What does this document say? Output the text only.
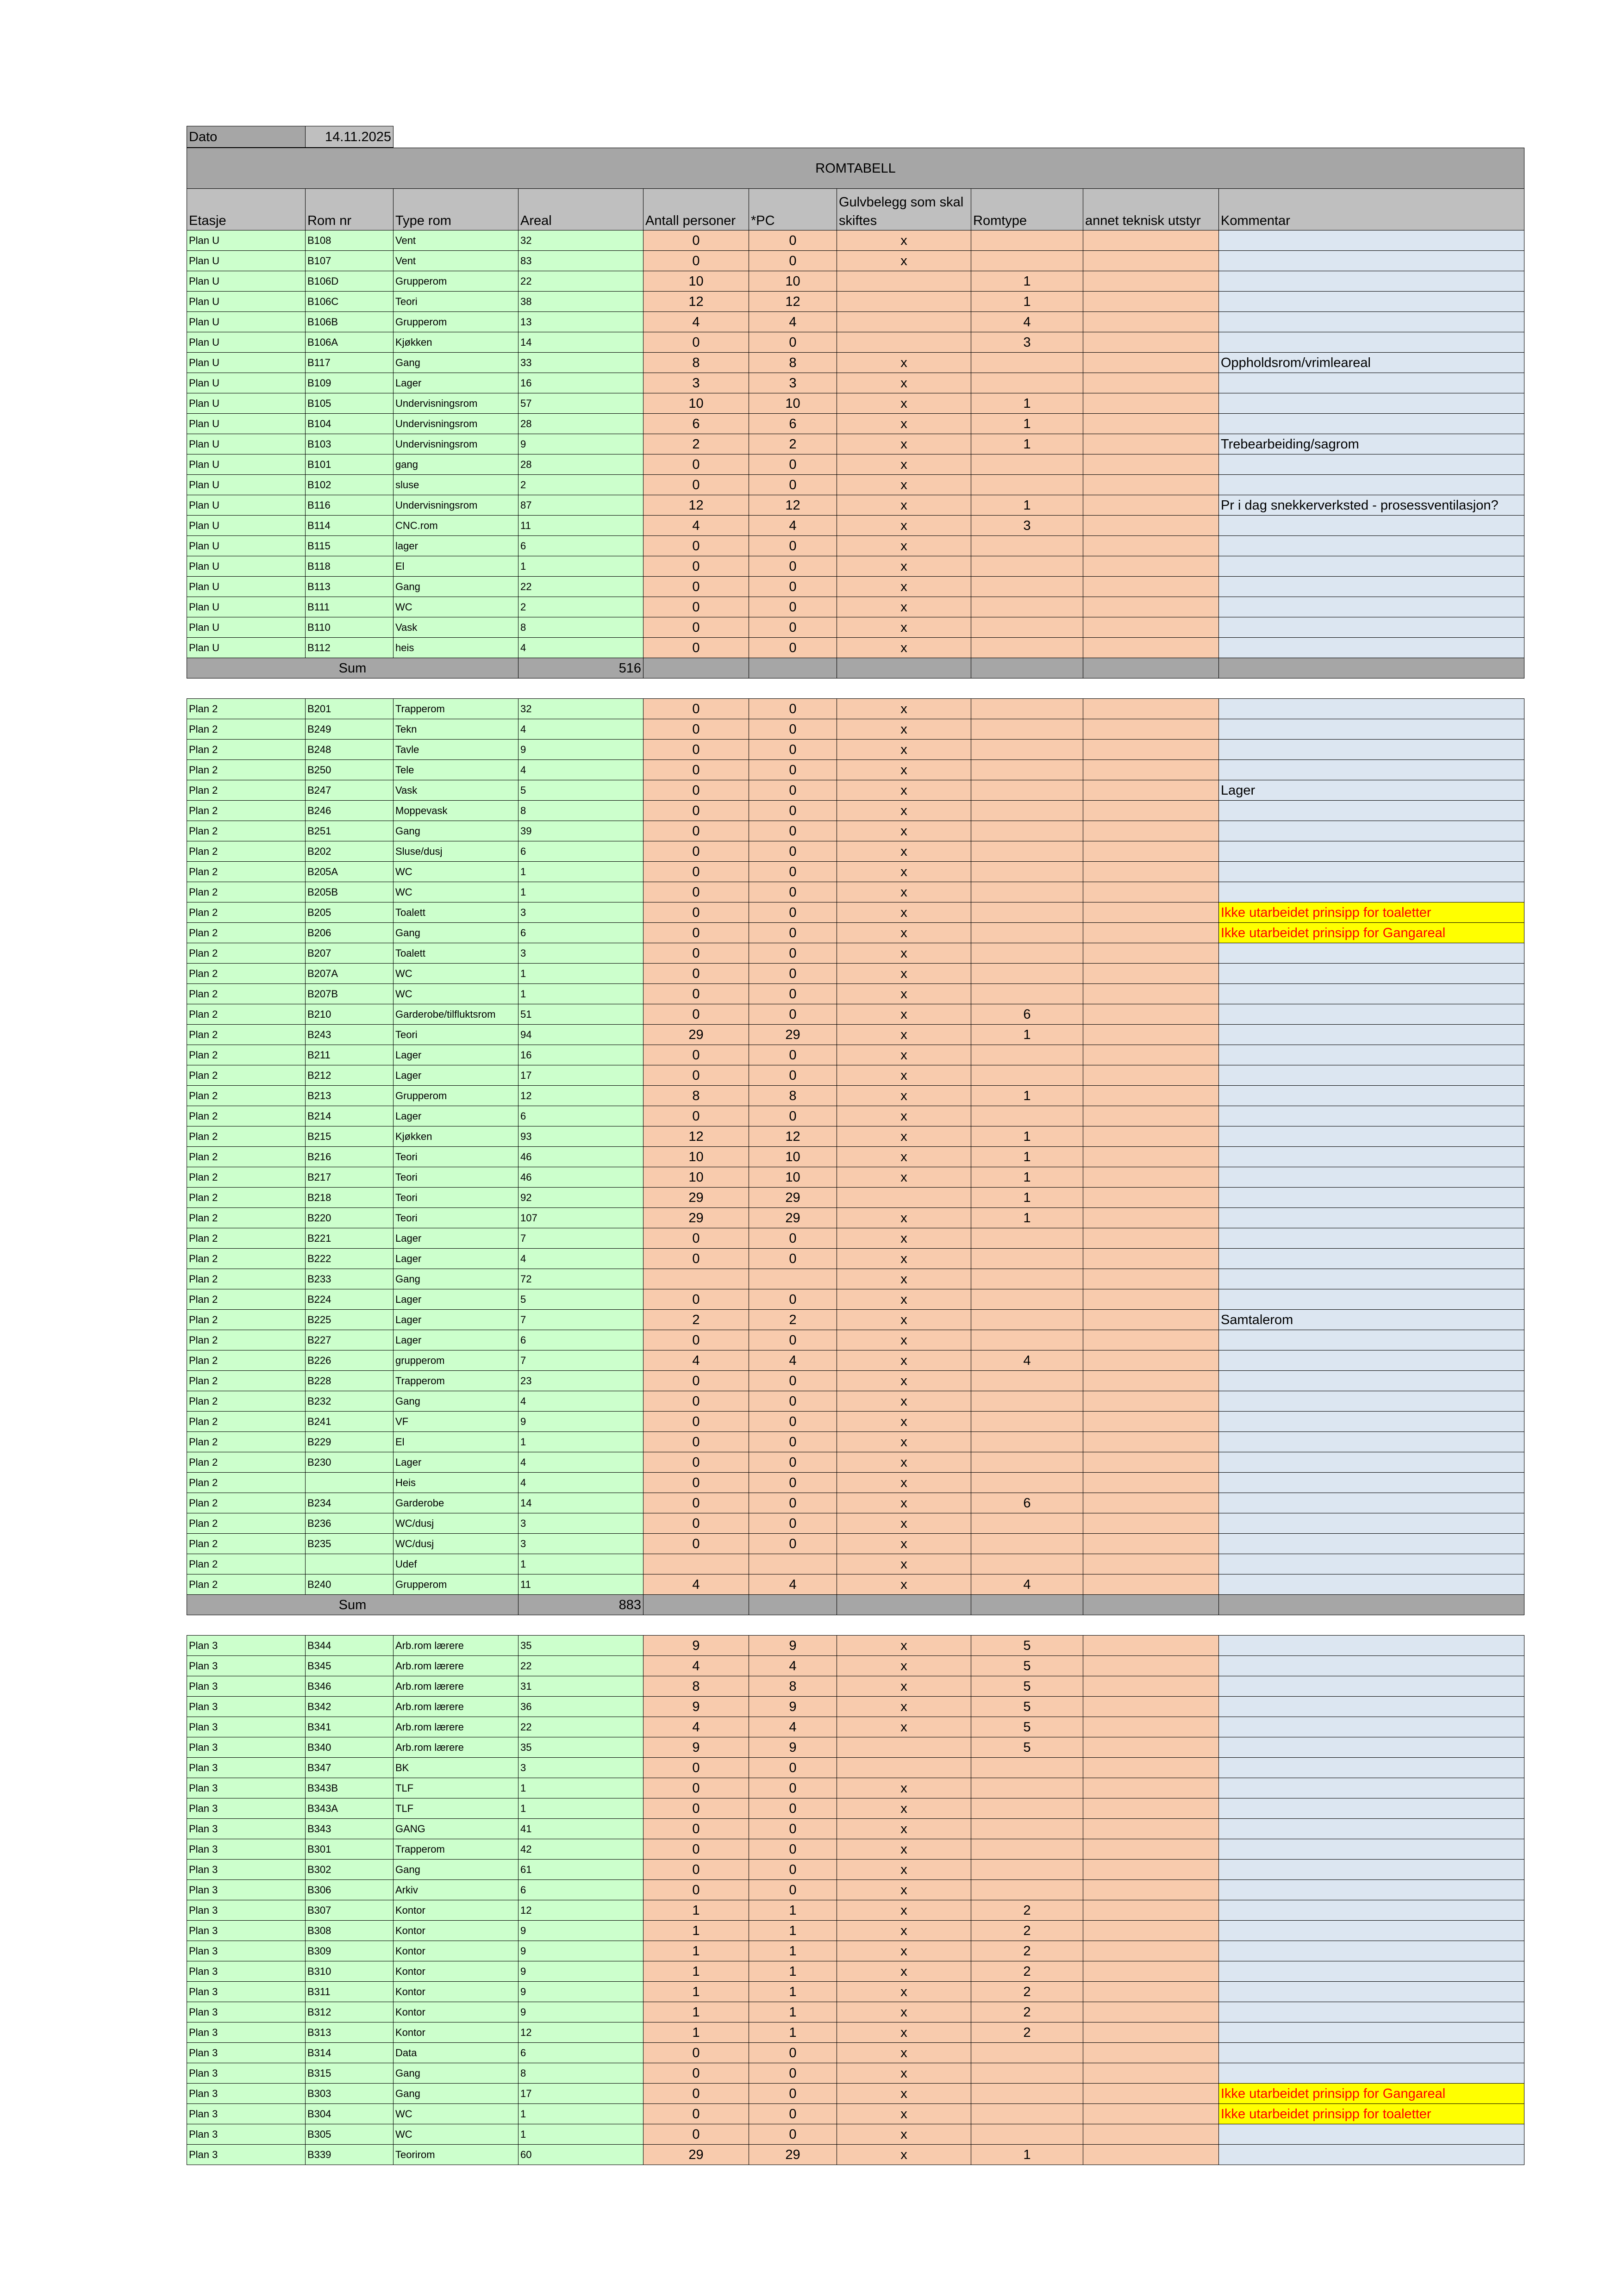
Dato	14.11.2025
ROMTABELL									
Etasje	Rom nr	Type rom	Areal	Antall personer	*PC	Gulvbelegg som skal skiftes	Romtype	annet teknisk utstyr	Kommentar
Plan U	B108	Vent	32	0	0	x			
Plan U	B107	Vent	83	0	0	x			
Plan U	B106D	Grupperom	22	10	10		1		
Plan U	B106C	Teori	38	12	12		1		
Plan U	B106B	Grupperom	13	4	4		4		
Plan U	B106A	Kjøkken	14	0	0		3		
Plan U	B117	Gang	33	8	8	x			Oppholdsrom/vrimleareal
Plan U	B109	Lager	16	3	3	x			
Plan U	B105	Undervisningsrom	57	10	10	x	1		
Plan U	B104	Undervisningsrom	28	6	6	x	1		
Plan U	B103	Undervisningsrom	9	2	2	x	1		Trebearbeiding/sagrom
Plan U	B101	gang	28	0	0	x			
Plan U	B102	sluse	2	0	0	x			
Plan U	B116	Undervisningsrom	87	12	12	x	1		Pr i dag snekkerverksted - prosessventilasjon?
Plan U	B114	CNC.rom	11	4	4	x	3		
Plan U	B115	lager	6	0	0	x			
Plan U	B118	El	1	0	0	x			
Plan U	B113	Gang	22	0	0	x			
Plan U	B111	WC	2	0	0	x			
Plan U	B110	Vask	8	0	0	x			
Plan U	B112	heis	4	0	0	x			
Sum			516						

Plan 2	B201	Trapperom	32	0	0	x			
Plan 2	B249	Tekn	4	0	0	x			
Plan 2	B248	Tavle	9	0	0	x			
Plan 2	B250	Tele	4	0	0	x			
Plan 2	B247	Vask	5	0	0	x			Lager
Plan 2	B246	Moppevask	8	0	0	x			
Plan 2	B251	Gang	39	0	0	x			
Plan 2	B202	Sluse/dusj	6	0	0	x			
Plan 2	B205A	WC	1	0	0	x			
Plan 2	B205B	WC	1	0	0	x			
Plan 2	B205	Toalett	3	0	0	x			Ikke utarbeidet prinsipp for toaletter
Plan 2	B206	Gang	6	0	0	x			Ikke utarbeidet prinsipp for Gangareal
Plan 2	B207	Toalett	3	0	0	x			
Plan 2	B207A	WC	1	0	0	x			
Plan 2	B207B	WC	1	0	0	x			
Plan 2	B210	Garderobe/tilfluktsrom	51	0	0	x	6		
Plan 2	B243	Teori	94	29	29	x	1		
Plan 2	B211	Lager	16	0	0	x			
Plan 2	B212	Lager	17	0	0	x			
Plan 2	B213	Grupperom	12	8	8	x	1		
Plan 2	B214	Lager	6	0	0	x			
Plan 2	B215	Kjøkken	93	12	12	x	1		
Plan 2	B216	Teori	46	10	10	x	1		
Plan 2	B217	Teori	46	10	10	x	1		
Plan 2	B218	Teori	92	29	29		1		
Plan 2	B220	Teori	107	29	29	x	1		
Plan 2	B221	Lager	7	0	0	x			
Plan 2	B222	Lager	4	0	0	x			
Plan 2	B233	Gang	72			x			
Plan 2	B224	Lager	5	0	0	x			
Plan 2	B225	Lager	7	2	2	x			Samtalerom
Plan 2	B227	Lager	6	0	0	x			
Plan 2	B226	grupperom	7	4	4	x	4		
Plan 2	B228	Trapperom	23	0	0	x			
Plan 2	B232	Gang	4	0	0	x			
Plan 2	B241	VF	9	0	0	x			
Plan 2	B229	El	1	0	0	x			
Plan 2	B230	Lager	4	0	0	x			
Plan 2		Heis	4	0	0	x			
Plan 2	B234	Garderobe	14	0	0	x	6		
Plan 2	B236	WC/dusj	3	0	0	x			
Plan 2	B235	WC/dusj	3	0	0	x			
Plan 2		Udef	1			x			
Plan 2	B240	Grupperom	11	4	4	x	4		
Sum			883						

Plan 3	B344	Arb.rom lærere	35	9	9	x	5		
Plan 3	B345	Arb.rom lærere	22	4	4	x	5		
Plan 3	B346	Arb.rom lærere	31	8	8	x	5		
Plan 3	B342	Arb.rom lærere	36	9	9	x	5		
Plan 3	B341	Arb.rom lærere	22	4	4	x	5		
Plan 3	B340	Arb.rom lærere	35	9	9		5		
Plan 3	B347	BK	3	0	0				
Plan 3	B343B	TLF	1	0	0	x			
Plan 3	B343A	TLF	1	0	0	x			
Plan 3	B343	GANG	41	0	0	x			
Plan 3	B301	Trapperom	42	0	0	x			
Plan 3	B302	Gang	61	0	0	x			
Plan 3	B306	Arkiv	6	0	0	x			
Plan 3	B307	Kontor	12	1	1	x	2		
Plan 3	B308	Kontor	9	1	1	x	2		
Plan 3	B309	Kontor	9	1	1	x	2		
Plan 3	B310	Kontor	9	1	1	x	2		
Plan 3	B311	Kontor	9	1	1	x	2		
Plan 3	B312	Kontor	9	1	1	x	2		
Plan 3	B313	Kontor	12	1	1	x	2		
Plan 3	B314	Data	6	0	0	x			
Plan 3	B315	Gang	8	0	0	x			
Plan 3	B303	Gang	17	0	0	x			Ikke utarbeidet prinsipp for Gangareal
Plan 3	B304	WC	1	0	0	x			Ikke utarbeidet prinsipp for toaletter
Plan 3	B305	WC	1	0	0	x			
Plan 3	B339	Teorirom	60	29	29	x	1		
